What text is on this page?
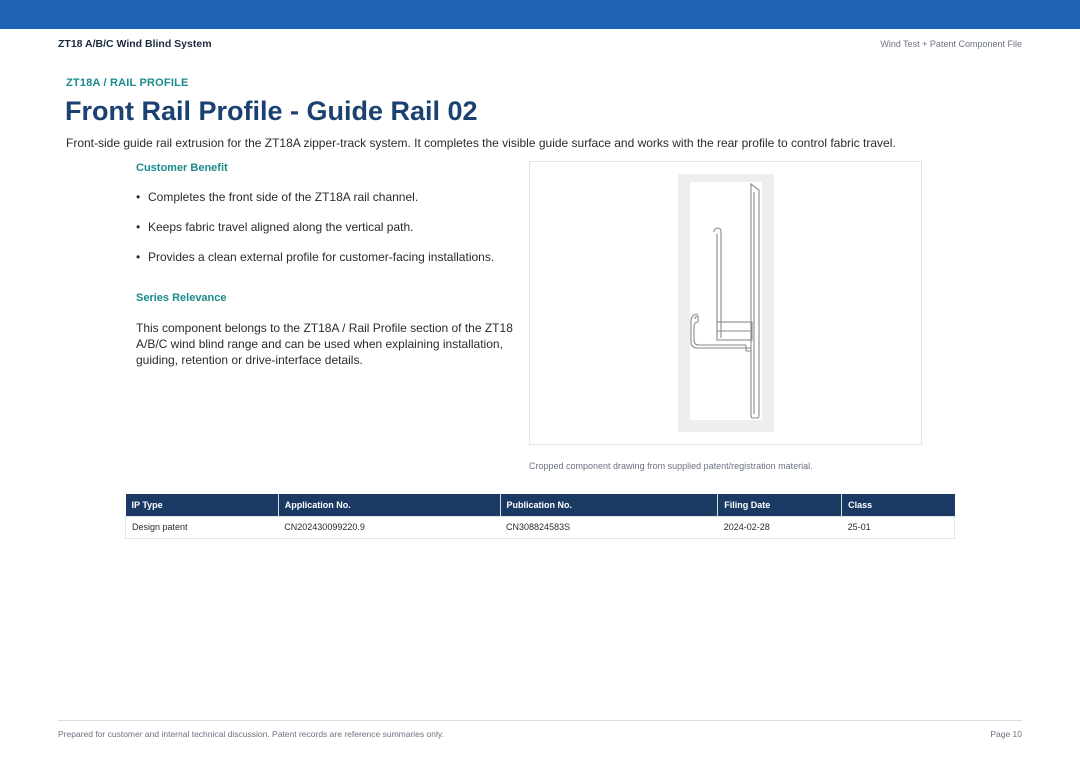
ZT18 A/B/C Wind Blind System	Wind Test + Patent Component File
ZT18A / RAIL PROFILE
Front Rail Profile - Guide Rail 02

Front-side guide rail extrusion for the ZT18A zipper-track system. It completes the visible guide surface and works with the rear profile to control fabric travel.

Customer Benefit
• Completes the front side of the ZT18A rail channel.
• Keeps fabric travel aligned along the vertical path.
• Provides a clean external profile for customer-facing installations.
Series Relevance

This component belongs to the ZT18A / Rail Profile section of the ZT18 A/B/C wind blind range and can be used when explaining installation, guiding, retention or drive-interface details.

Cropped component drawing from supplied patent/registration material.
IP Type	Application No.	Publication No.	Filing Date	Class
Design patent	CN202430099220.9	CN308824583S	2024-02-28	25-01
Prepared for customer and internal technical discussion. Patent records are reference summaries only.	Page 10
